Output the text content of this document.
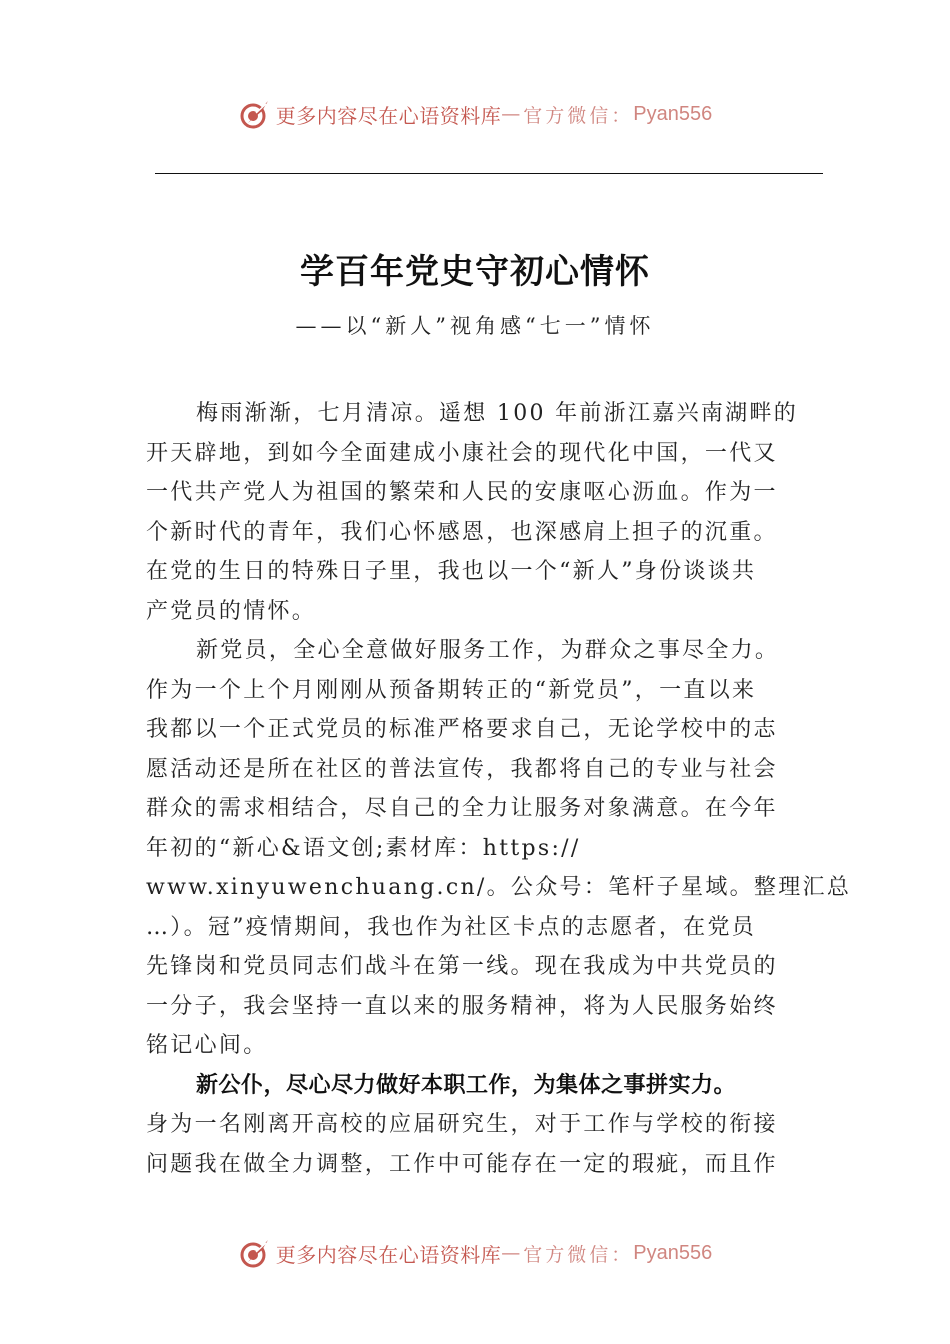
更多内容尽在心语资料库 — 官方微信： Pyan556
学百年党史守初心情怀
——以“新人”视角感“七一”情怀
梅雨渐渐，七月清凉。遥想 100 年前浙江嘉兴南湖畔的
开天辟地，到如今全面建成小康社会的现代化中国，一代又
一代共产党人为祖国的繁荣和人民的安康呕心沥血。作为一
个新时代的青年，我们心怀感恩，也深感肩上担子的沉重。
在党的生日的特殊日子里，我也以一个“新人”身份谈谈共
产党员的情怀。
新党员，全心全意做好服务工作，为群众之事尽全力。
作为一个上个月刚刚从预备期转正的“新党员”，一直以来
我都以一个正式党员的标准严格要求自己，无论学校中的志
愿活动还是所在社区的普法宣传，我都将自己的专业与社会
群众的需求相结合，尽自己的全力让服务对象满意。在今年
年初的“新心&语文创;素材库：https://
www.xinyuwenchuang.cn/。公众号：笔杆子星域。整理汇总
…）。冠”疫情期间，我也作为社区卡点的志愿者，在党员
先锋岗和党员同志们战斗在第一线。现在我成为中共党员的
一分子，我会坚持一直以来的服务精神，将为人民服务始终
铭记心间。
新公仆，尽心尽力做好本职工作，为集体之事拼实力。
身为一名刚离开高校的应届研究生，对于工作与学校的衔接
问题我在做全力调整，工作中可能存在一定的瑕疵，而且作
更多内容尽在心语资料库 — 官方微信： Pyan556
